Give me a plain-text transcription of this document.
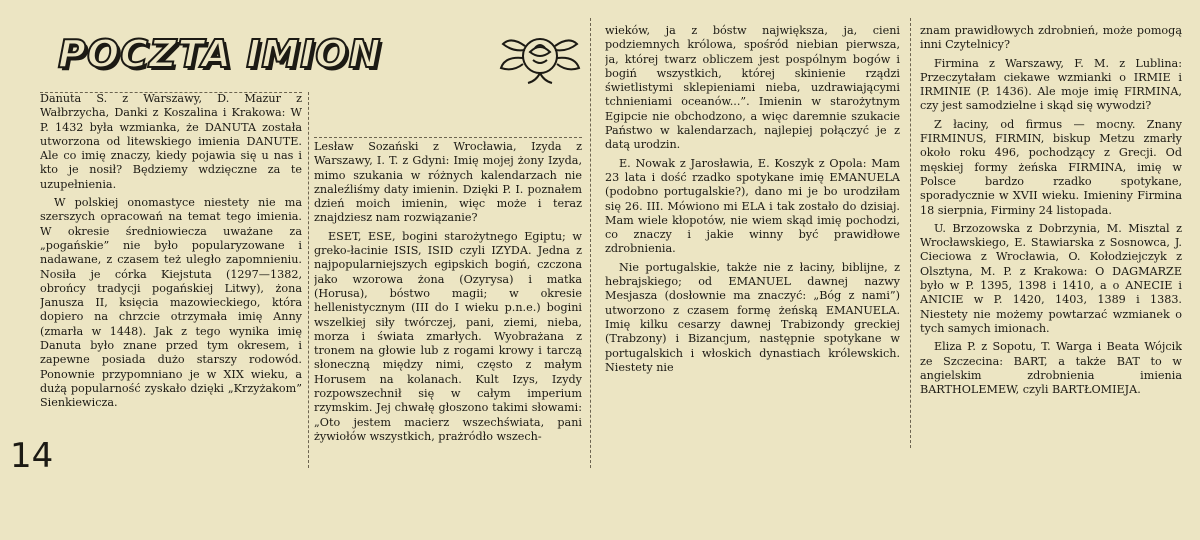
POCZTA IMION

Danuta S. z Warszawy, D. Mazur z Wałbrzycha, Danki z Koszalina i Krakowa: W P. 1432 była wzmianka, że DANUTA została utworzona od litewskiego imienia DANUTE. Ale co imię znaczy, kiedy pojawia się u nas i kto je nosił? Będziemy wdzięczne za te uzupełnienia.

W polskiej onomastyce niestety nie ma szerszych opracowań na temat tego imienia. W okresie średniowiecza uważane za „pogańskie” nie było popularyzowane i nadawane, z czasem też uległo zapomnieniu. Nosiła je córka Kiejstuta (1297—1382, obrońcy tradycji pogańskiej Litwy), żona Janusza II, księcia mazowieckiego, która dopiero na chrzcie otrzymała imię Anny (zmarła w 1448). Jak z tego wynika imię Danuta było znane przed tym okresem, i zapewne posiada dużo starszy rodowód. Ponownie przypomniano je w XIX wieku, a dużą popularność zyskało dzięki „Krzyżakom” Sienkiewicza.

Lesław Sozański z Wrocławia, Izyda z Warszawy, I. T. z Gdyni: Imię mojej żony Izyda, mimo szukania w różnych kalendarzach nie znaleźliśmy daty imienin. Dzięki P. I. poznałem dzień moich imienin, więc może i teraz znajdziesz nam rozwiązanie?

ESET, ESE, bogini starożytnego Egiptu; w greko-łacinie ISIS, ISID czyli IZYDA. Jedna z najpopularniejszych egipskich bogiń, czczona jako wzorowa żona (Ozyrysa) i matka (Horusa), bóstwo magii; w okresie hellenistycznym (III do I wieku p.n.e.) bogini wszelkiej siły twórczej, pani, ziemi, nieba, morza i świata zmarłych. Wyobrażana z tronem na głowie lub z rogami krowy i tarczą słoneczną między nimi, często z małym Horusem na kolanach. Kult Izys, Izydy rozpowszechnił się w całym imperium rzymskim. Jej chwałę głoszono takimi słowami: „Oto jestem macierz wszechświata, pani żywiołów wszystkich, prażródło wszech-

wieków, ja z bóstw największa, ja, cieni podziemnych królowa, spośród niebian pierwsza, ja, której twarz obliczem jest pospólnym bogów i bogiń wszystkich, której skinienie rządzi świetlistymi sklepieniami nieba, uzdrawiającymi tchnieniami oceanów...”. Imienin w starożytnym Egipcie nie obchodzono, a więc daremnie szukacie Państwo w kalendarzach, najlepiej połączyć je z datą urodzin.

E. Nowak z Jarosławia, E. Koszyk z Opola: Mam 23 lata i dość rzadko spotykane imię EMANUELA (podobno portugalskie?), dano mi je bo urodziłam się 26. III. Mówiono mi ELA i tak zostało do dzisiaj. Mam wiele kłopotów, nie wiem skąd imię pochodzi, co znaczy i jakie winny być prawidłowe zdrobnienia.

Nie portugalskie, także nie z łaciny, biblijne, z hebrajskiego; od EMANUEL dawnej nazwy Mesjasza (dosłownie ma znaczyć: „Bóg z nami”) utworzono z czasem formę żeńską EMANUELA. Imię kilku cesarzy dawnej Trabizondy greckiej (Trabzony) i Bizancjum, następnie spotykane w portugalskich i włoskich dynastiach królewskich. Niestety nie

znam prawidłowych zdrobnień, może pomogą inni Czytelnicy?

Firmina z Warszawy, F. M. z Lublina: Przeczytałam ciekawe wzmianki o IRMIE i IRMINIE (P. 1436). Ale moje imię FIRMINA, czy jest samodzielne i skąd się wywodzi?

Z łaciny, od firmus — mocny. Znany FIRMINUS, FIRMIN, biskup Metzu zmarły około roku 496, pochodzący z Grecji. Od męskiej formy żeńska FIRMINA, imię w Polsce bardzo rzadko spotykane, sporadycznie w XVII wieku. Imieniny Firmina 18 sierpnia, Firminy 24 listopada.

U. Brzozowska z Dobrzynia, M. Misztal z Wrocławskiego, E. Stawiarska z Sosnowca, J. Cieciowa z Wrocławia, O. Kołodziejczyk z Olsztyna, M. P. z Krakowa: O DAGMARZE było w P. 1395, 1398 i 1410, a o ANECIE i ANICIE w P. 1420, 1403, 1389 i 1383. Niestety nie możemy powtarzać wzmianek o tych samych imionach.

Eliza P. z Sopotu, T. Warga i Beata Wójcik ze Szczecina: BART, a także BAT to w angielskim zdrobnienia imienia BARTHOLEMEW, czyli BARTŁOMIEJA.

14
